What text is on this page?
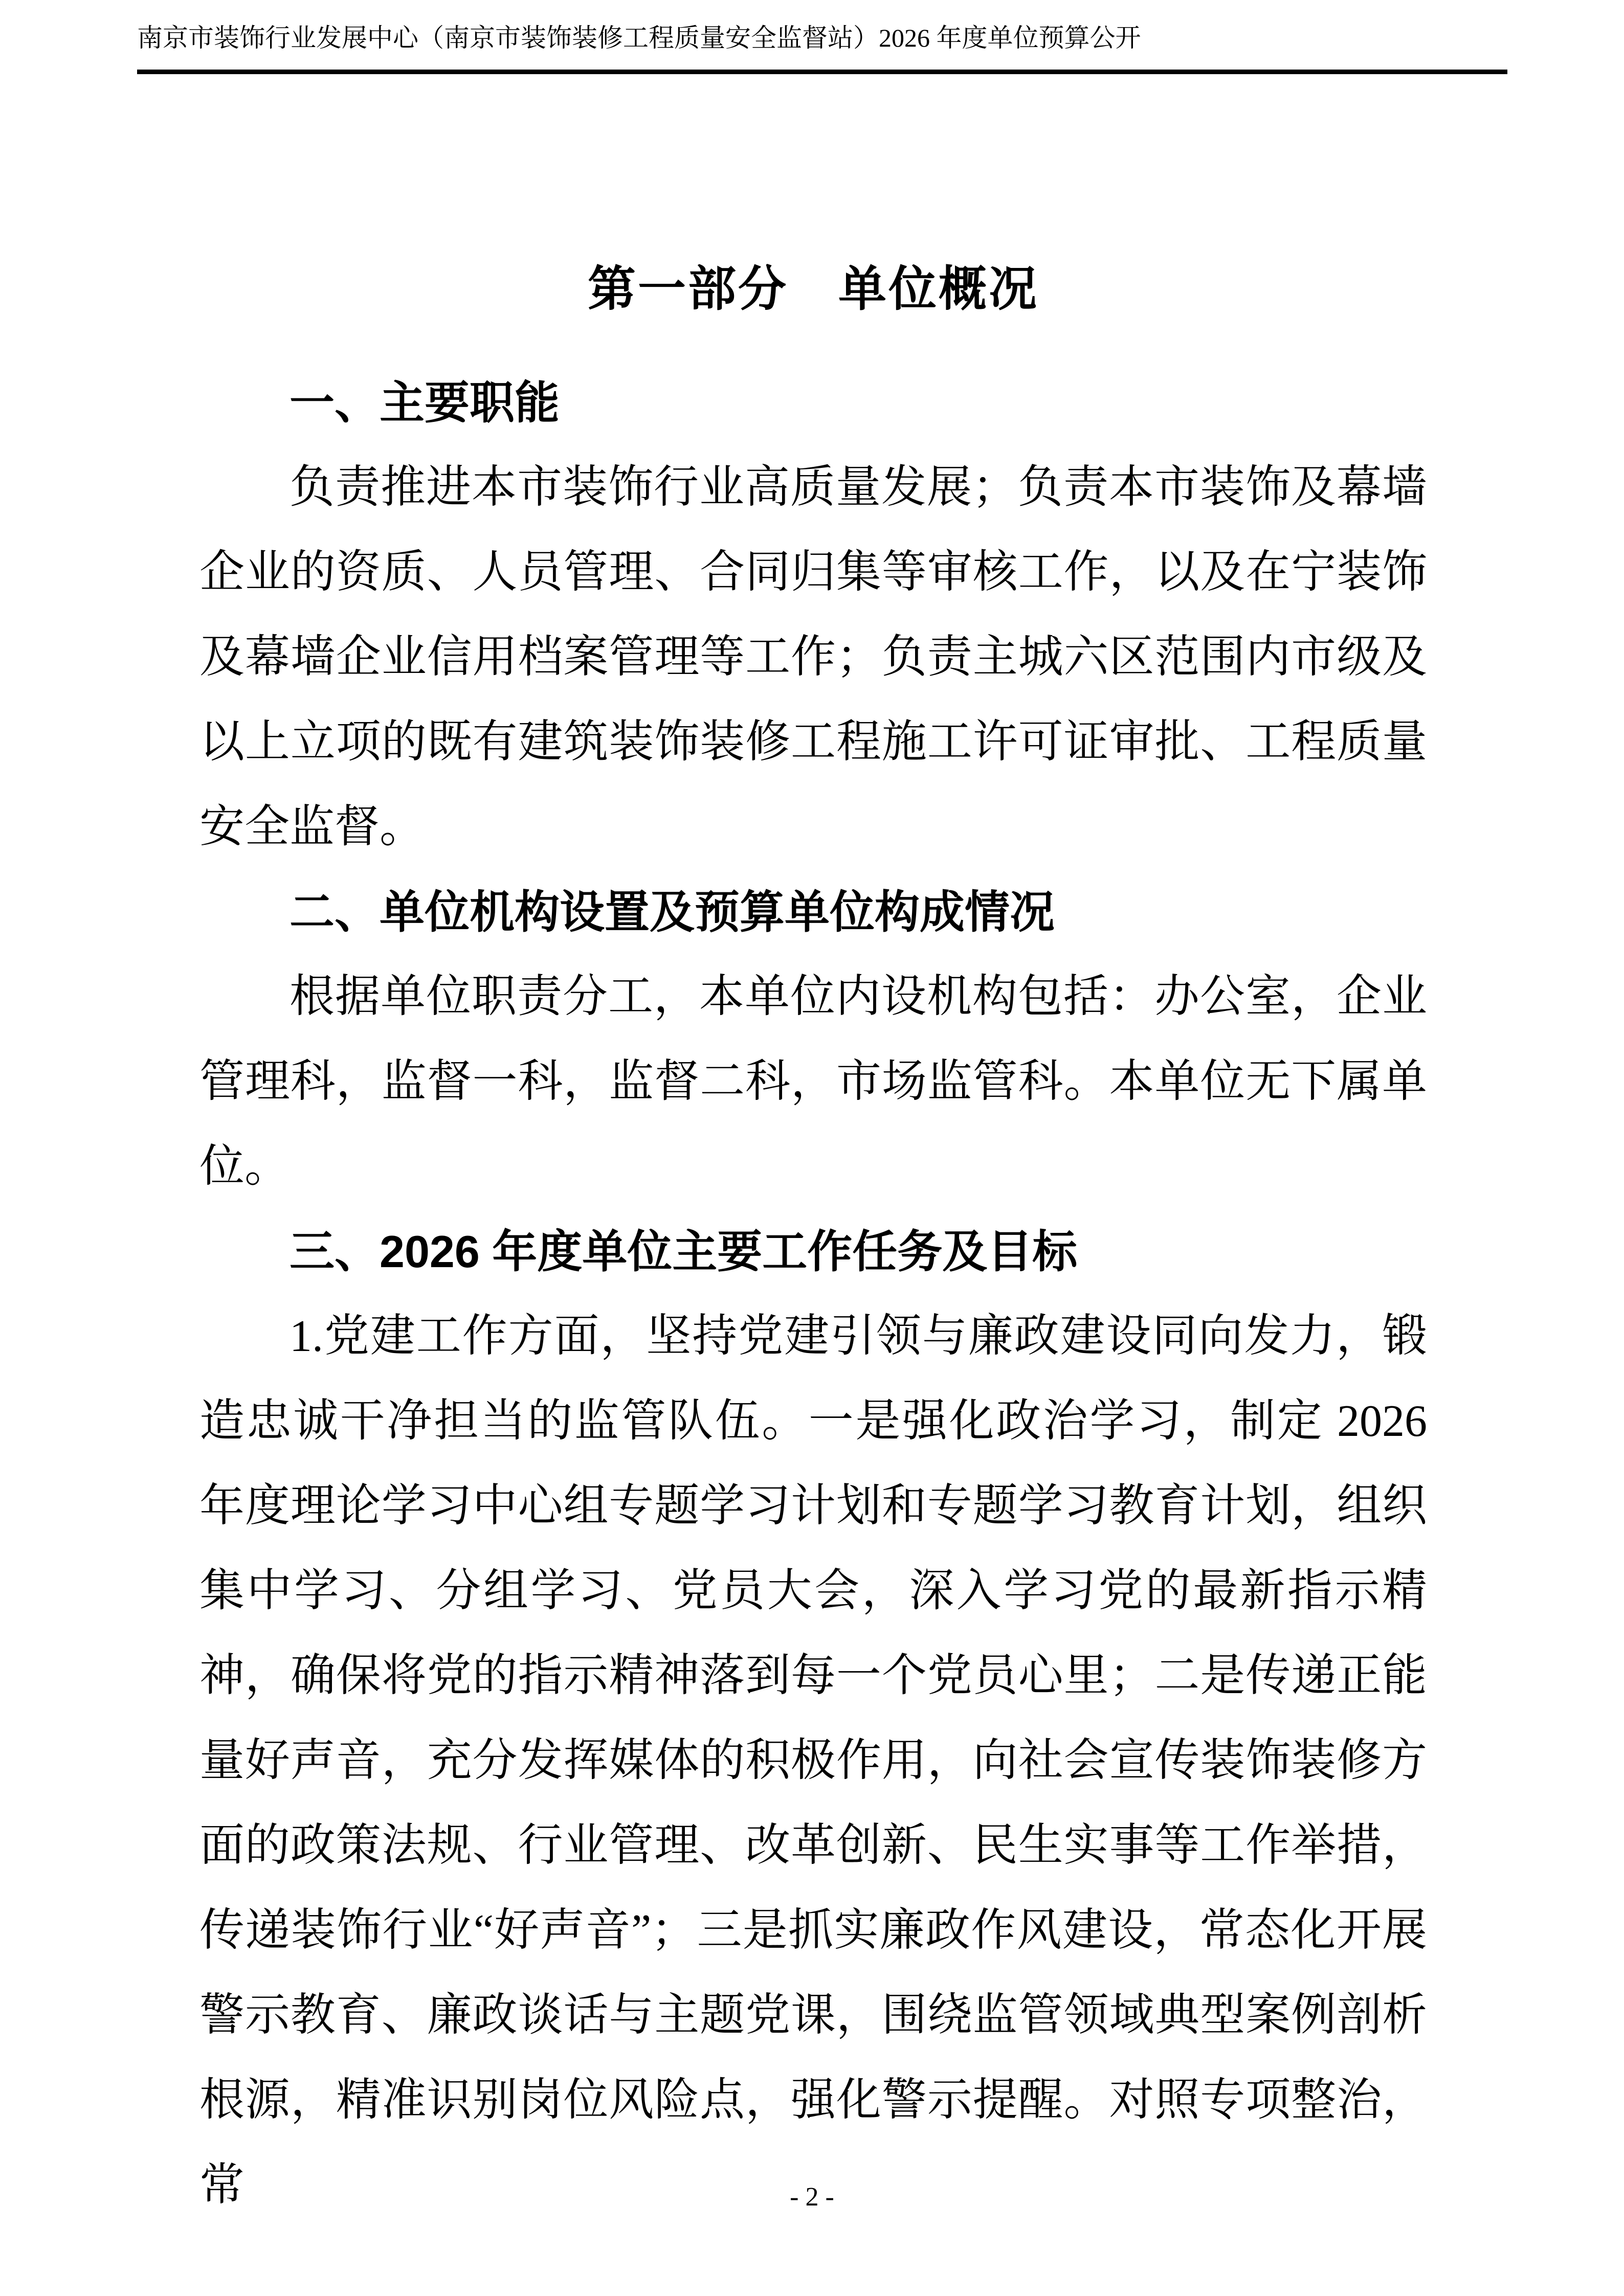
南京市装饰行业发展中心（南京市装饰装修工程质量安全监督站）2026 年度单位预算公开
第一部分　单位概况
一、主要职能

负责推进本市装饰行业高质量发展；负责本市装饰及幕墙企业的资质、人员管理、合同归集等审核工作，以及在宁装饰及幕墙企业信用档案管理等工作；负责主城六区范围内市级及以上立项的既有建筑装饰装修工程施工许可证审批、工程质量安全监督。

二、单位机构设置及预算单位构成情况

根据单位职责分工，本单位内设机构包括：办公室，企业管理科，监督一科，监督二科，市场监管科。本单位无下属单位。

三、2026 年度单位主要工作任务及目标

1.党建工作方面，坚持党建引领与廉政建设同向发力，锻造忠诚干净担当的监管队伍。一是强化政治学习，制定 2026 年度理论学习中心组专题学习计划和专题学习教育计划，组织集中学习、分组学习、党员大会，深入学习党的最新指示精神，确保将党的指示精神落到每一个党员心里；二是传递正能量好声音，充分发挥媒体的积极作用，向社会宣传装饰装修方面的政策法规、行业管理、改革创新、民生实事等工作举措，传递装饰行业“好声音”；三是抓实廉政作风建设，常态化开展警示教育、廉政谈话与主题党课，围绕监管领域典型案例剖析根源，精准识别岗位风险点，强化警示提醒。对照专项整治，常	- 2 -
